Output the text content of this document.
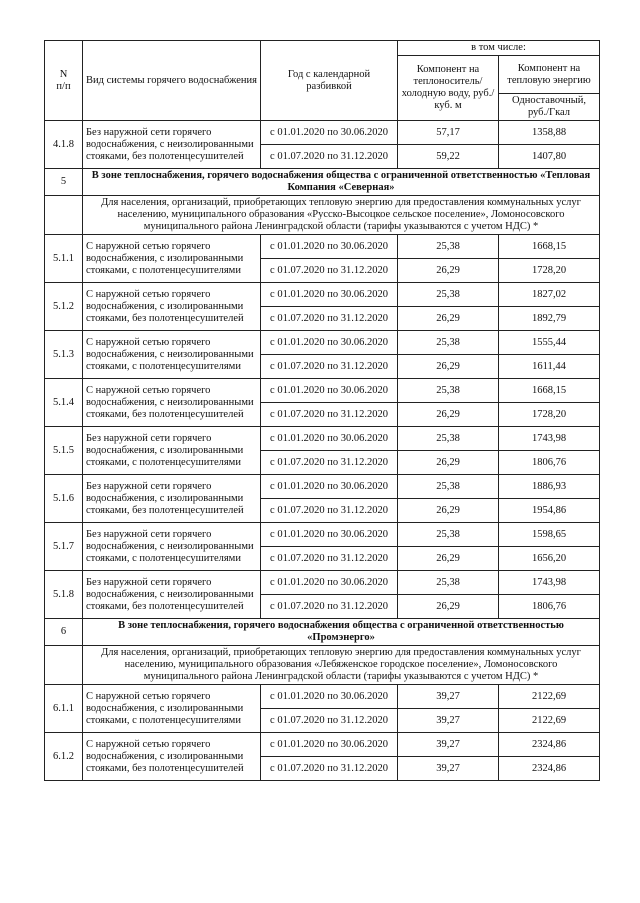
N
п/п	Вид системы горячего водоснабжения	Год с календарной разбивкой	в том числе:	
			Компонент на теплоноситель/холодную воду, руб./куб. м	Компонент на тепловую энергию
				Одноставочный, руб./Гкал
4.1.8	Без наружной сети горячего водоснабжения, с неизолированными стояками, без полотенцесушителей	с 01.01.2020 по 30.06.2020	57,17	1358,88
		с 01.07.2020 по 31.12.2020	59,22	1407,80
5	В зоне теплоснабжения, горячего водоснабжения общества с ограниченной ответственностью «Тепловая Компания «Северная»			
	Для населения, организаций, приобретающих тепловую энергию для предоставления коммунальных услуг населению, муниципального образования «Русско-Высоцкое сельское поселение», Ломоносовского муниципального района Ленинградской области (тарифы указываются с учетом НДС) *			
5.1.1	С наружной сетью горячего водоснабжения, с изолированными стояками, с полотенцесушителями	с 01.01.2020 по 30.06.2020	25,38	1668,15
		с 01.07.2020 по 31.12.2020	26,29	1728,20
5.1.2	С наружной сетью горячего водоснабжения, с изолированными стояками, без полотенцесушителей	с 01.01.2020 по 30.06.2020	25,38	1827,02
		с 01.07.2020 по 31.12.2020	26,29	1892,79
5.1.3	С наружной сетью горячего водоснабжения, с неизолированными стояками, с полотенцесушителями	с 01.01.2020 по 30.06.2020	25,38	1555,44
		с 01.07.2020 по 31.12.2020	26,29	1611,44
5.1.4	С наружной сетью горячего водоснабжения, с неизолированными стояками, без полотенцесушителей	с 01.01.2020 по 30.06.2020	25,38	1668,15
		с 01.07.2020 по 31.12.2020	26,29	1728,20
5.1.5	Без наружной сети горячего водоснабжения, с изолированными стояками, с полотенцесушителями	с 01.01.2020 по 30.06.2020	25,38	1743,98
		с 01.07.2020 по 31.12.2020	26,29	1806,76
5.1.6	Без наружной сети горячего водоснабжения, с изолированными стояками, без полотенцесушителей	с 01.01.2020 по 30.06.2020	25,38	1886,93
		с 01.07.2020 по 31.12.2020	26,29	1954,86
5.1.7	Без наружной сети горячего водоснабжения, с неизолированными стояками, с полотенцесушителями	с 01.01.2020 по 30.06.2020	25,38	1598,65
		с 01.07.2020 по 31.12.2020	26,29	1656,20
5.1.8	Без наружной сети горячего водоснабжения, с неизолированными стояками, без полотенцесушителей	с 01.01.2020 по 30.06.2020	25,38	1743,98
		с 01.07.2020 по 31.12.2020	26,29	1806,76
6	В зоне теплоснабжения, горячего водоснабжения общества с ограниченной ответственностью «Промэнерго»			
	Для населения, организаций, приобретающих тепловую энергию для предоставления коммунальных услуг населению, муниципального образования «Лебяженское городское поселение», Ломоносовского муниципального района Ленинградской области (тарифы указываются с учетом НДС) *			
6.1.1	С наружной сетью горячего водоснабжения, с изолированными стояками, с полотенцесушителями	с 01.01.2020 по 30.06.2020	39,27	2122,69
		с 01.07.2020 по 31.12.2020	39,27	2122,69
6.1.2	С наружной сетью горячего водоснабжения, с изолированными стояками, без полотенцесушителей	с 01.01.2020 по 30.06.2020	39,27	2324,86
		с 01.07.2020 по 31.12.2020	39,27	2324,86
